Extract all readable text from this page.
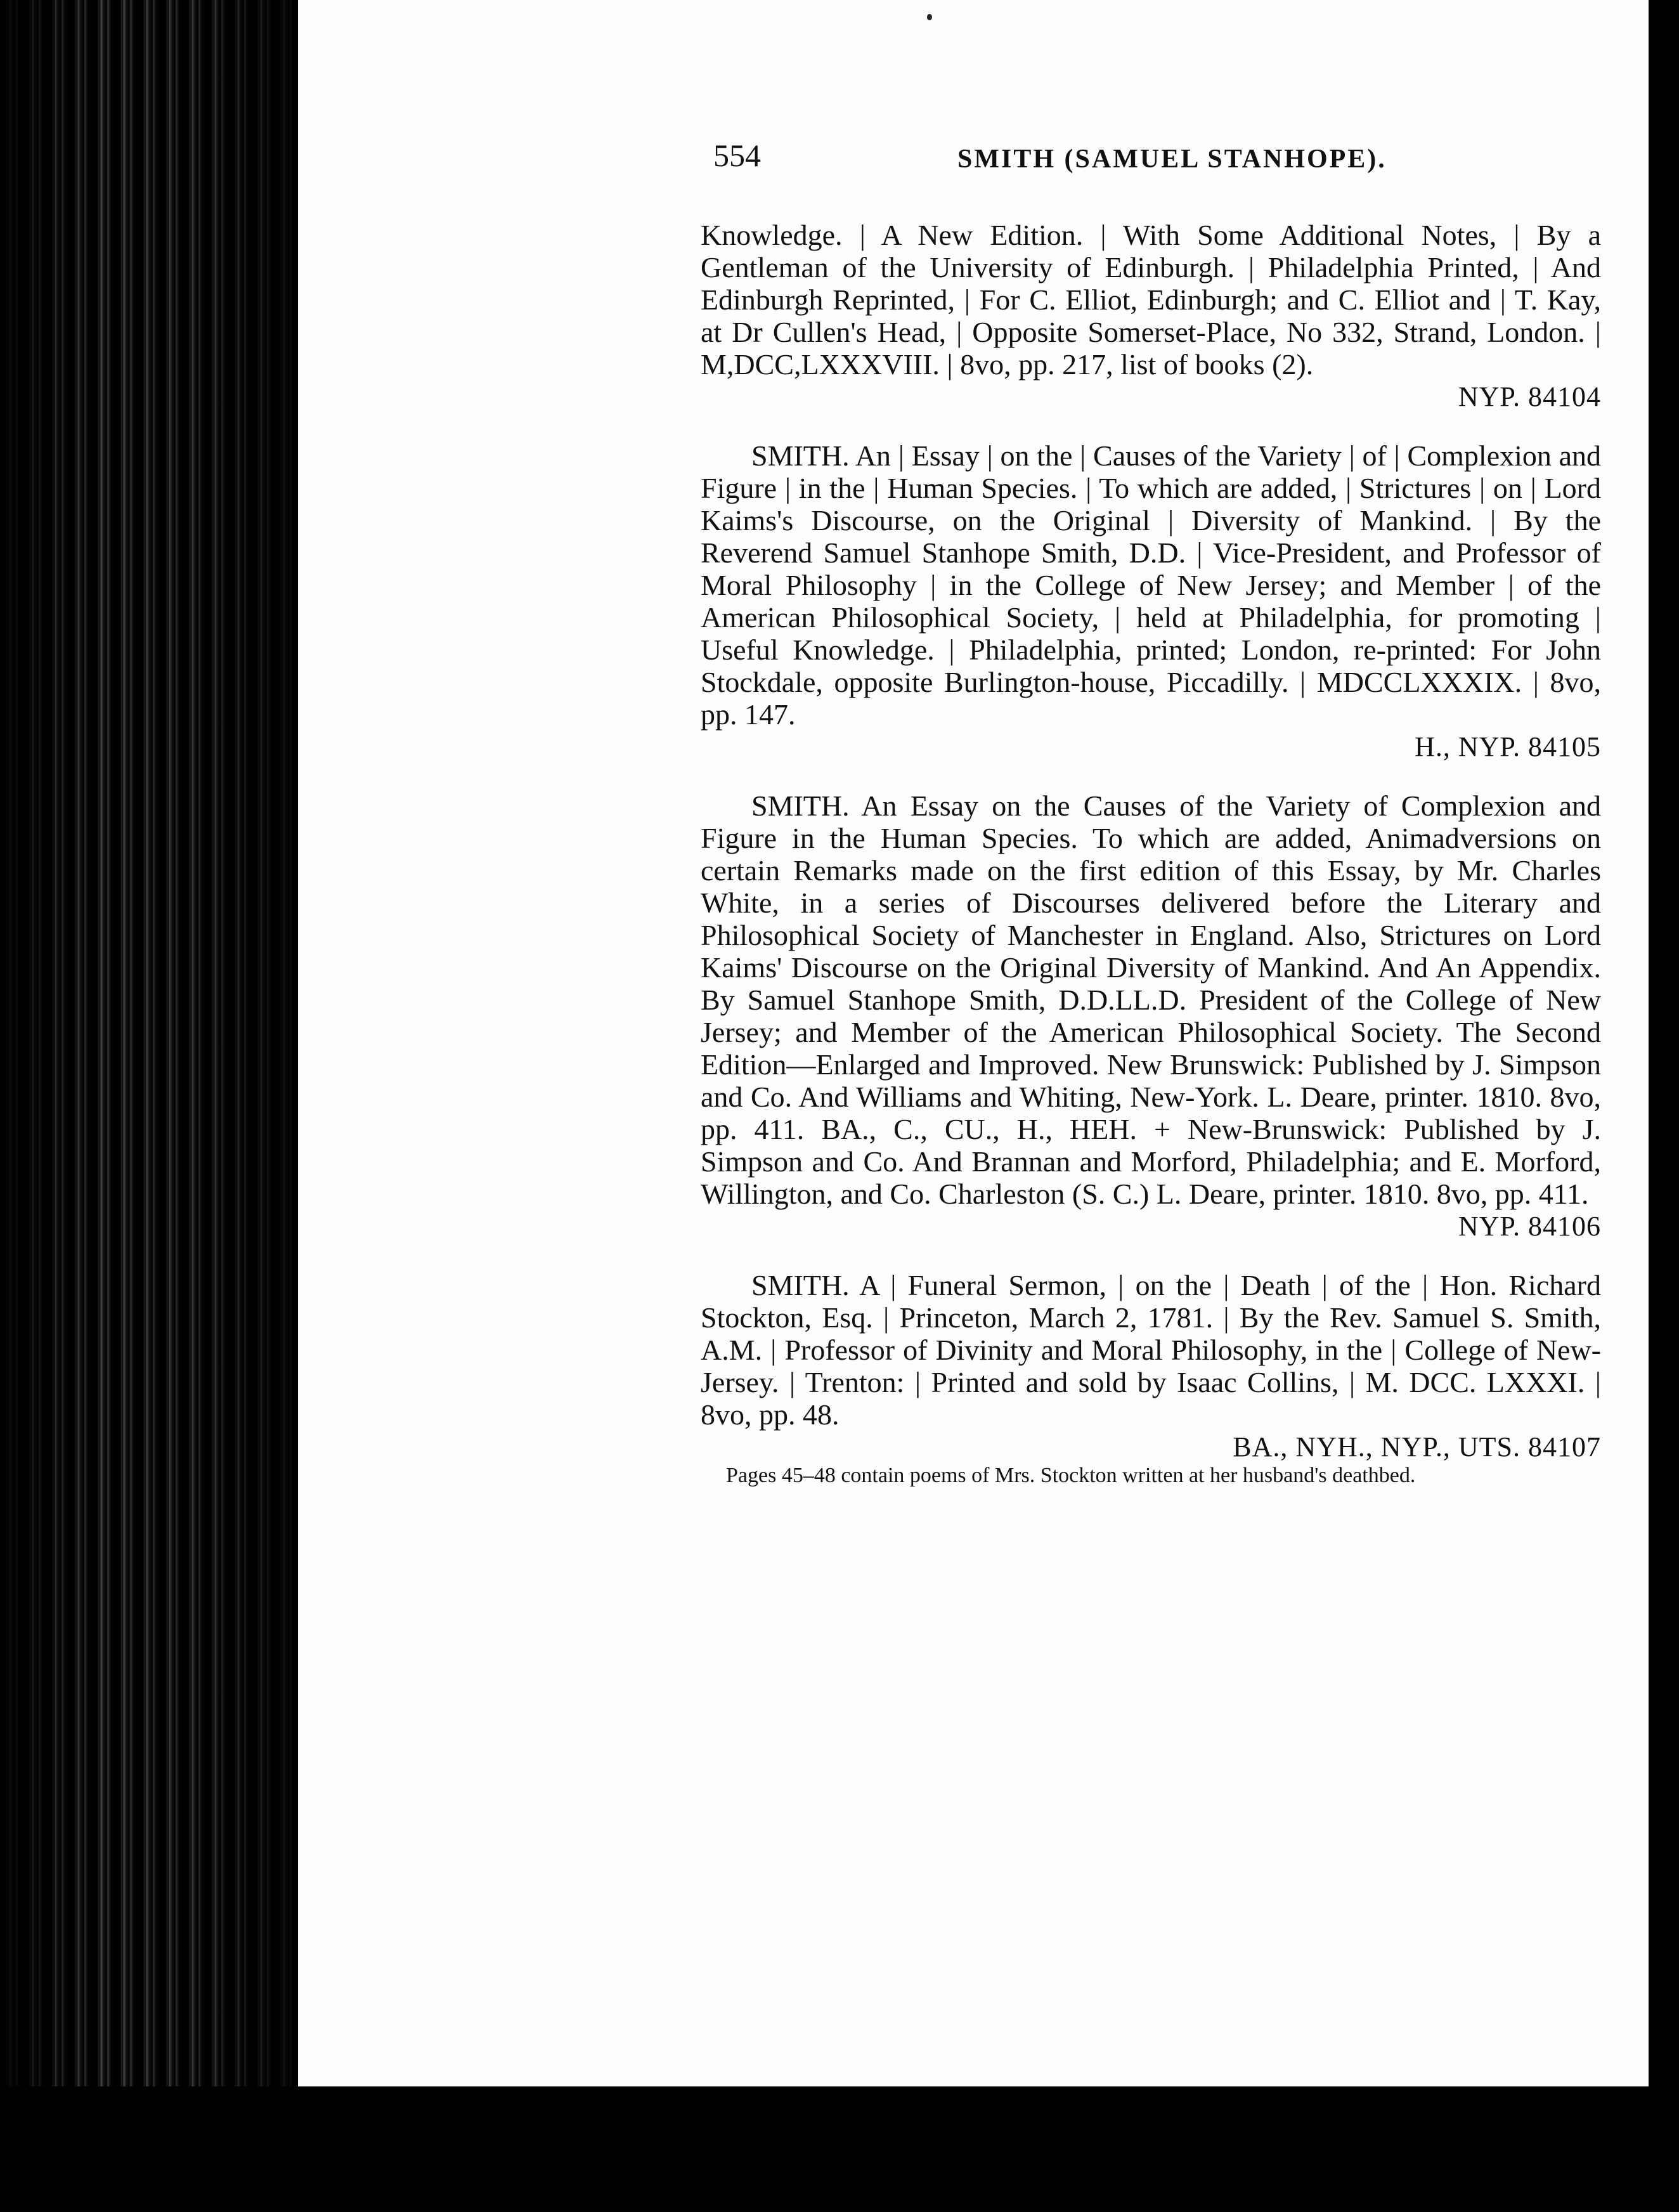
554	SMITH (SAMUEL STANHOPE).

Knowledge. | A New Edition. | With Some Additional Notes, | By a Gentleman of the University of Edinburgh. | Philadelphia Printed, | And Edinburgh Reprinted, | For C. Elliot, Edinburgh; and C. Elliot and | T. Kay, at Dr Cullen's Head, | Opposite Somerset-Place, No 332, Strand, London. | M,DCC,LXXXVIII. | 8vo, pp. 217, list of books (2).

NYP. 84104

SMITH. An | Essay | on the | Causes of the Variety | of | Complexion and Figure | in the | Human Species. | To which are added, | Strictures | on | Lord Kaims's Discourse, on the Original | Diversity of Mankind. | By the Reverend Samuel Stanhope Smith, D.D. | Vice-President, and Professor of Moral Philosophy | in the College of New Jersey; and Member | of the American Philosophical Society, | held at Philadelphia, for promoting | Useful Knowledge. | Philadelphia, printed; London, re-printed: For John Stockdale, opposite Burlington-house, Piccadilly. | MDCCLXXXIX. | 8vo, pp. 147.

H., NYP. 84105

SMITH. An Essay on the Causes of the Variety of Complexion and Figure in the Human Species. To which are added, Animadversions on certain Remarks made on the first edition of this Essay, by Mr. Charles White, in a series of Discourses delivered before the Literary and Philosophical Society of Manchester in England. Also, Strictures on Lord Kaims' Discourse on the Original Diversity of Mankind. And An Appendix. By Samuel Stanhope Smith, D.D.LL.D. President of the College of New Jersey; and Member of the American Philosophical Society. The Second Edition—Enlarged and Improved. New Brunswick: Published by J. Simpson and Co. And Williams and Whiting, New-York. L. Deare, printer. 1810. 8vo, pp. 411. BA., C., CU., H., HEH. + New-Brunswick: Published by J. Simpson and Co. And Brannan and Morford, Philadelphia; and E. Morford, Willington, and Co. Charleston (S. C.) L. Deare, printer. 1810. 8vo, pp. 411.

NYP. 84106

SMITH. A | Funeral Sermon, | on the | Death | of the | Hon. Richard Stockton, Esq. | Princeton, March 2, 1781. | By the Rev. Samuel S. Smith, A.M. | Professor of Divinity and Moral Philosophy, in the | College of New-Jersey. | Trenton: | Printed and sold by Isaac Collins, | M. DCC. LXXXI. | 8vo, pp. 48.

BA., NYH., NYP., UTS. 84107

Pages 45–48 contain poems of Mrs. Stockton written at her husband's deathbed.
